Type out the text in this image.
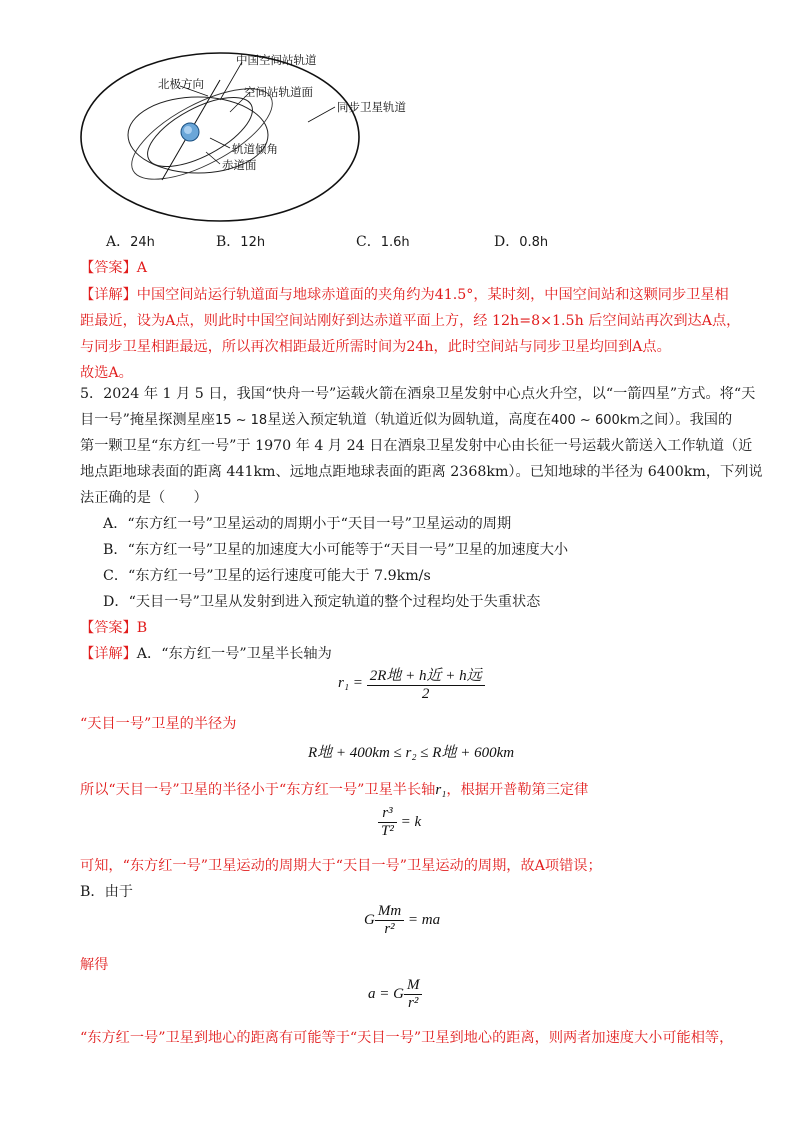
中国空间站轨道
北极方向
空间站轨道面
同步卫星轨道
轨道倾角
赤道面
A．24h	B．12h	C．1.6h	D．0.8h
【答案】A
【详解】中国空间站运行轨道面与地球赤道面的夹角约为41.5°，某时刻，中国空间站和这颗同步卫星相
距最近，设为A点，则此时中国空间站刚好到达赤道平面上方，经 12h=8×1.5h 后空间站再次到达A点，
与同步卫星相距最远，所以再次相距最近所需时间为24h，此时空间站与同步卫星均回到A点。
故选A。
5．2024 年 1 月 5 日，我国“快舟一号”运载火箭在酒泉卫星发射中心点火升空，以“一箭四星”方式。将“天
目一号”掩星探测星座15 ~ 18星送入预定轨道（轨道近似为圆轨道，高度在400 ~ 600km之间）。我国的
第一颗卫星“东方红一号”于 1970 年 4 月 24 日在酒泉卫星发射中心由长征一号运载火箭送入工作轨道（近
地点距地球表面的距离 441km、远地点距地球表面的距离 2368km）。已知地球的半径为 6400km，下列说
法正确的是（　　）
A．“东方红一号”卫星运动的周期小于“天目一号”卫星运动的周期
B．“东方红一号”卫星的加速度大小可能等于“天目一号”卫星的加速度大小
C．“东方红一号”卫星的运行速度可能大于 7.9km/s
D．“天目一号”卫星从发射到进入预定轨道的整个过程均处于失重状态
【答案】B
【详解】A．“东方红一号”卫星半长轴为
$r_1 = \frac{\text{2R地 + h近 + h远}}{2}$
“天目一号”卫星的半径为
R地 + 400km ≤ r₂ ≤ R地 + 600km
所以“天目一号”卫星的半径小于“东方红一号”卫星半长轴r₁，根据开普勒第三定律
$\frac{\text{r³}}{\text{T²}} = k$
可知，“东方红一号”卫星运动的周期大于“天目一号”卫星运动的周期，故A项错误；
B．由于
G $\frac{Mm}{\text{r²}}$ = ma
解得
a = G $\frac{M}{\text{r²}}$
“东方红一号”卫星到地心的距离有可能等于“天目一号”卫星到地心的距离，则两者加速度大小可能相等，
